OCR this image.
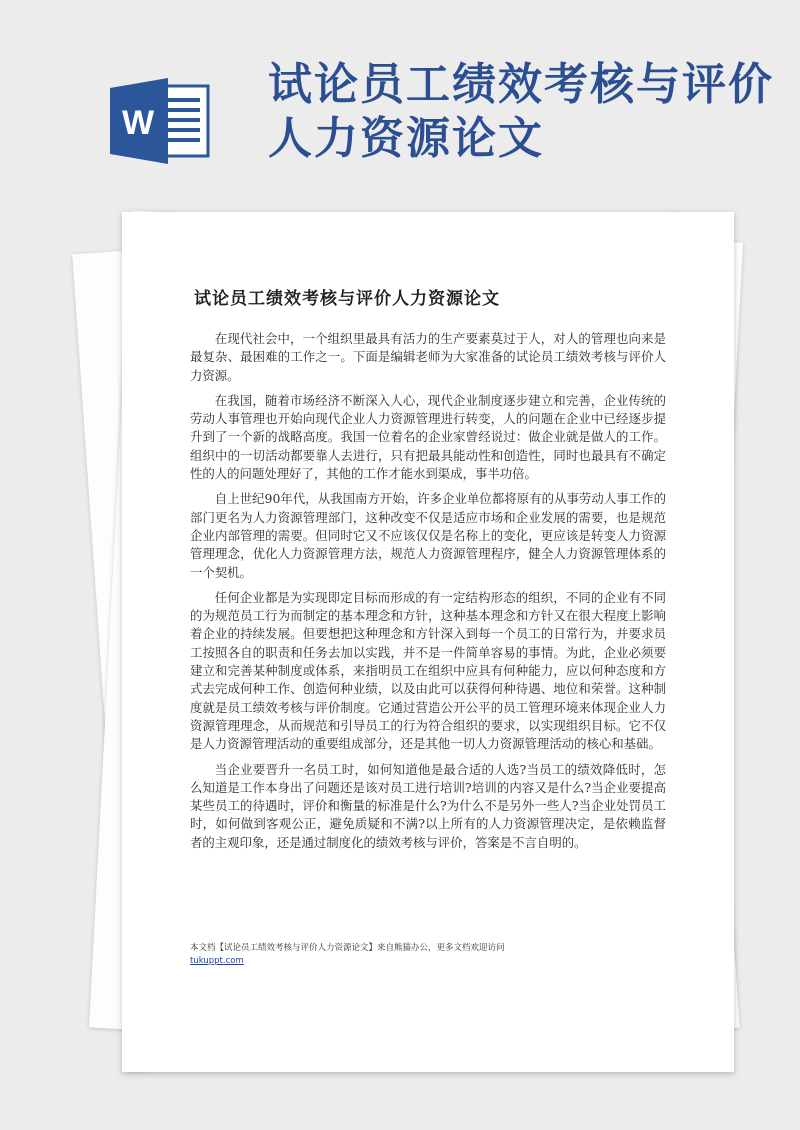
W
试论员工绩效考核与评价人力资源论文
试论员工绩效考核与评价人力资源论文

在现代社会中，一个组织里最具有活力的生产要素莫过于人，对人的管理也向来是最复杂、最困难的工作之一。下面是编辑老师为大家准备的试论员工绩效考核与评价人力资源。

在我国，随着市场经济不断深入人心，现代企业制度逐步建立和完善，企业传统的劳动人事管理也开始向现代企业人力资源管理进行转变，人的问题在企业中已经逐步提升到了一个新的战略高度。我国一位着名的企业家曾经说过：做企业就是做人的工作。组织中的一切活动都要靠人去进行，只有把最具能动性和创造性，同时也最具有不确定性的人的问题处理好了，其他的工作才能水到渠成，事半功倍。

自上世纪90年代，从我国南方开始，许多企业单位都将原有的从事劳动人事工作的部门更名为人力资源管理部门，这种改变不仅是适应市场和企业发展的需要，也是规范企业内部管理的需要。但同时它又不应该仅仅是名称上的变化，更应该是转变人力资源管理理念，优化人力资源管理方法，规范人力资源管理程序，健全人力资源管理体系的一个契机。

任何企业都是为实现即定目标而形成的有一定结构形态的组织，不同的企业有不同的为规范员工行为而制定的基本理念和方针，这种基本理念和方针又在很大程度上影响着企业的持续发展。但要想把这种理念和方针深入到每一个员工的日常行为，并要求员工按照各自的职责和任务去加以实践，并不是一件简单容易的事情。为此，企业必须要建立和完善某种制度或体系，来指明员工在组织中应具有何种能力，应以何种态度和方式去完成何种工作、创造何种业绩，以及由此可以获得何种待遇、地位和荣誉。这种制度就是员工绩效考核与评价制度。它通过营造公开公平的员工管理环境来体现企业人力资源管理理念，从而规范和引导员工的行为符合组织的要求，以实现组织目标。它不仅是人力资源管理活动的重要组成部分，还是其他一切人力资源管理活动的核心和基础。

当企业要晋升一名员工时，如何知道他是最合适的人选?当员工的绩效降低时，怎么知道是工作本身出了问题还是该对员工进行培训?培训的内容又是什么?当企业要提高某些员工的待遇时，评价和衡量的标准是什么?为什么不是另外一些人?当企业处罚员工时，如何做到客观公正，避免质疑和不满?以上所有的人力资源管理决定，是依赖监督者的主观印象，还是通过制度化的绩效考核与评价，答案是不言自明的。

本文档【试论员工绩效考核与评价人力资源论文】来自熊猫办公，更多文档欢迎访问
tukuppt.com
